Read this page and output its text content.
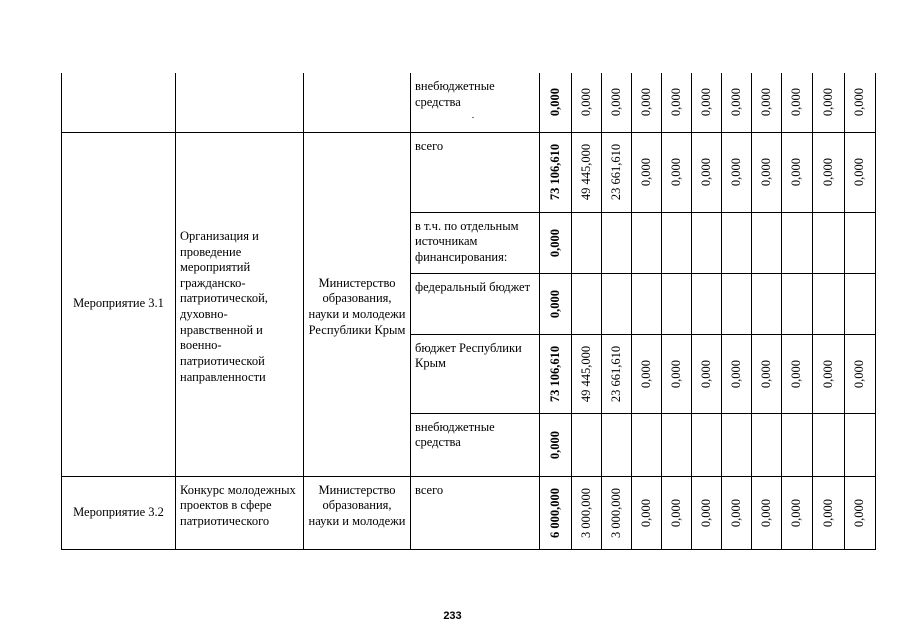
			внебюджетные средства	0,000	0,000	0,000	0,000	0,000	0,000	0,000	0,000	0,000	0,000	0,000

Мероприятие 3.1	Организация и проведение мероприятий гражданско-патриотической, духовно-нравственной и военно-патриотической направленности	Министерство образования, науки и молодежи Республики Крым	всего	73 106,610	49 445,000	23 661,610	0,000	0,000	0,000	0,000	0,000	0,000	0,000	0,000

			в т.ч. по отдельным источникам финансирования:	0,000										

			федеральный бюджет	0,000										

			бюджет Республики Крым	73 106,610	49 445,000	23 661,610	0,000	0,000	0,000	0,000	0,000	0,000	0,000	0,000

			внебюджетные средства	0,000										

Мероприятие 3.2	Конкурс молодежных проектов в сфере патриотического	Министерство образования, науки и молодежи	всего	6 000,000	3 000,000	3 000,000	0,000	0,000	0,000	0,000	0,000	0,000	0,000	0,000
233
